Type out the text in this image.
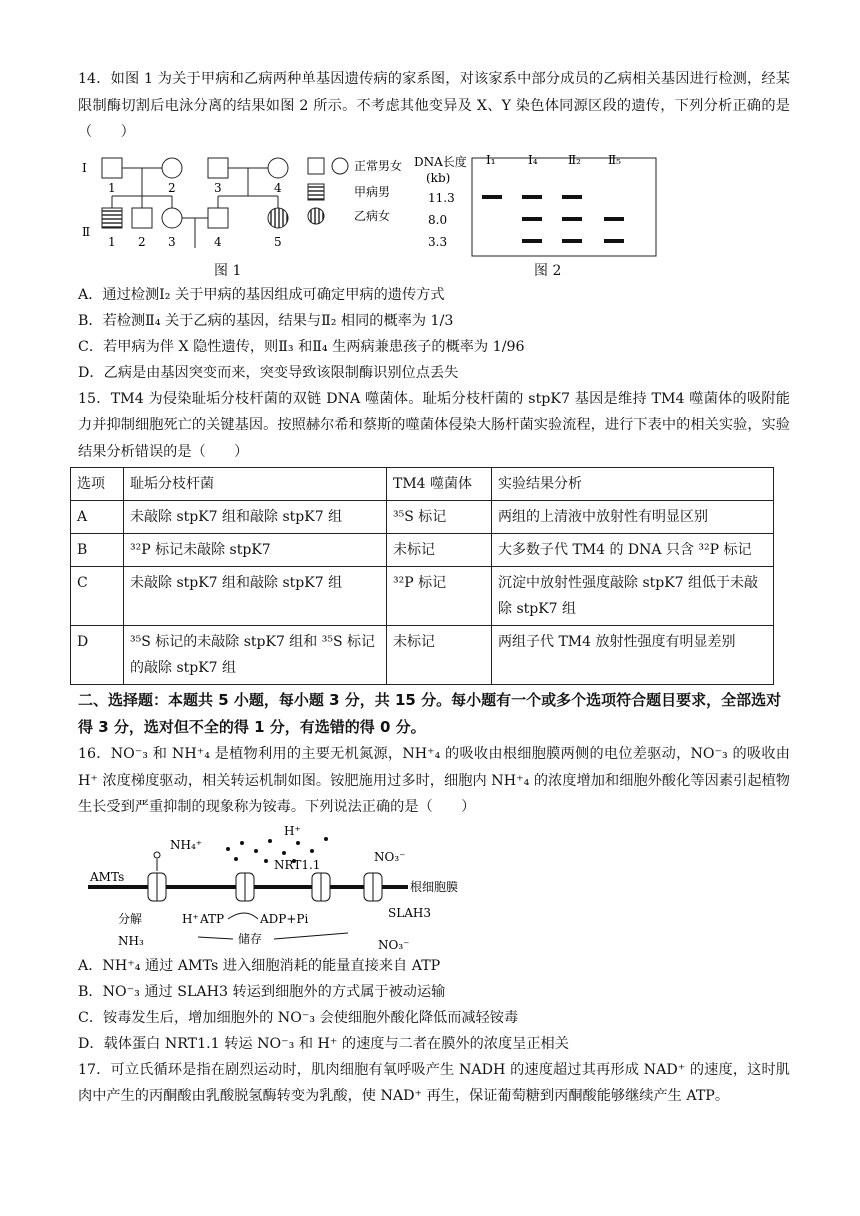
14．如图 1 为关于甲病和乙病两种单基因遗传病的家系图，对该家系中部分成员的乙病相关基因进行检测，经某限制酶切割后电泳分离的结果如图 2 所示。不考虑其他变异及 X、Y 染色体同源区段的遗传，下列分析正确的是（　　）

Ⅰ
Ⅱ
1	2	3	4
1 2 3	4	5
正常男女
甲病男
乙病女
DNA长度
(kb)
11.3
8.0
3.3
Ⅰ₁	Ⅰ₄	Ⅱ₂ Ⅱ₅
图 1	图 2

A．通过检测Ⅰ₂ 关于甲病的基因组成可确定甲病的遗传方式

B．若检测Ⅱ₄ 关于乙病的基因，结果与Ⅱ₂ 相同的概率为 1/3

C．若甲病为伴 X 隐性遗传，则Ⅱ₃ 和Ⅱ₄ 生两病兼患孩子的概率为 1/96

D．乙病是由基因突变而来，突变导致该限制酶识别位点丢失

15．TM4 为侵染耻垢分枝杆菌的双链 DNA 噬菌体。耻垢分枝杆菌的 stpK7 基因是维持 TM4 噬菌体的吸附能力并抑制细胞死亡的关键基因。按照赫尔希和蔡斯的噬菌体侵染大肠杆菌实验流程，进行下表中的相关实验，实验结果分析错误的是（　　）

选项	耻垢分枝杆菌	TM4 噬菌体	实验结果分析
A	未敲除 stpK7 组和敲除 stpK7 组	³⁵S 标记	两组的上清液中放射性有明显区别
B	³²P 标记未敲除 stpK7	未标记	大多数子代 TM4 的 DNA 只含 ³²P 标记
C	未敲除 stpK7 组和敲除 stpK7 组	³²P 标记	沉淀中放射性强度敲除 stpK7 组低于未敲除 stpK7 组
D	³⁵S 标记的未敲除 stpK7 组和 ³⁵S 标记的敲除 stpK7 组	未标记	两组子代 TM4 放射性强度有明显差别

二、选择题：本题共 5 小题，每小题 3 分，共 15 分。每小题有一个或多个选项符合题目要求，全部选对得 3 分，选对但不全的得 1 分，有选错的得 0 分。

16．NO⁻₃ 和 NH⁺₄ 是植物利用的主要无机氮源，NH⁺₄ 的吸收由根细胞膜两侧的电位差驱动，NO⁻₃ 的吸收由 H⁺ 浓度梯度驱动，相关转运机制如图。铵肥施用过多时，细胞内 NH⁺₄ 的浓度增加和细胞外酸化等因素引起植物生长受到严重抑制的现象称为铵毒。下列说法正确的是（　　）

根细胞膜
AMTs
NH₄⁺
H⁺
NRT1.1
SLAH3
NO₃⁻
NO₃⁻
分解	H⁺
NH₃
ATP	ADP+Pi
储存

A．NH⁺₄ 通过 AMTs 进入细胞消耗的能量直接来自 ATP

B．NO⁻₃ 通过 SLAH3 转运到细胞外的方式属于被动运输

C．铵毒发生后，增加细胞外的 NO⁻₃ 会使细胞外酸化降低而减轻铵毒

D．载体蛋白 NRT1.1 转运 NO⁻₃ 和 H⁺ 的速度与二者在膜外的浓度呈正相关

17．可立氏循环是指在剧烈运动时，肌肉细胞有氧呼吸产生 NADH 的速度超过其再形成 NAD⁺ 的速度，这时肌肉中产生的丙酮酸由乳酸脱氢酶转变为乳酸，使 NAD⁺ 再生，保证葡萄糖到丙酮酸能够继续产生 ATP。
